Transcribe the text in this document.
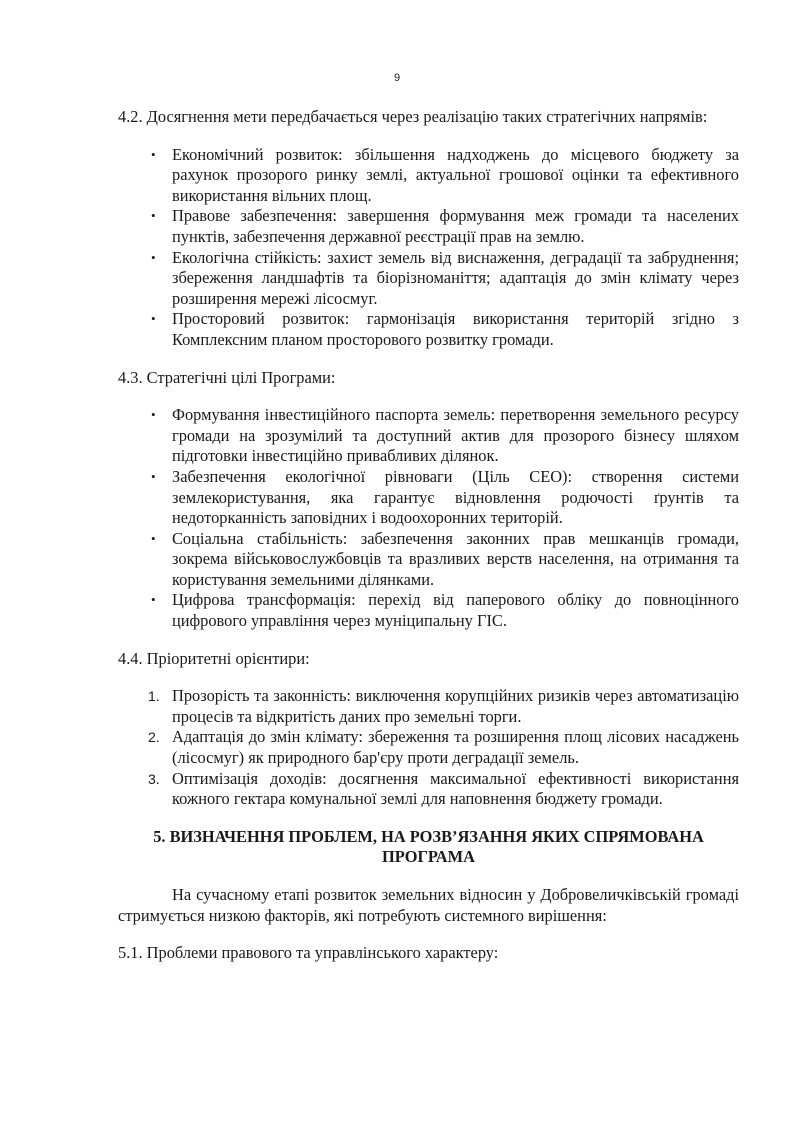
9

4.2. Досягнення мети передбачається через реалізацію таких стратегічних напрямів:

• Економічний розвиток: збільшення надходжень до місцевого бюджету за рахунок прозорого ринку землі, актуальної грошової оцінки та ефективного використання вільних площ.
• Правове забезпечення: завершення формування меж громади та населених пунктів, забезпечення державної реєстрації прав на землю.
• Екологічна стійкість: захист земель від виснаження, деградації та забруднення; збереження ландшафтів та біорізноманіття; адаптація до змін клімату через розширення мережі лісосмуг.
• Просторовий розвиток: гармонізація використання територій згідно з Комплексним планом просторового розвитку громади.

4.3. Стратегічні цілі Програми:

• Формування інвестиційного паспорта земель: перетворення земельного ресурсу громади на зрозумілий та доступний актив для прозорого бізнесу шляхом підготовки інвестиційно привабливих ділянок.
• Забезпечення екологічної рівноваги (Ціль СЕО): створення системи землекористування, яка гарантує відновлення родючості ґрунтів та недоторканність заповідних і водоохоронних територій.
• Соціальна стабільність: забезпечення законних прав мешканців громади, зокрема військовослужбовців та вразливих верств населення, на отримання та користування земельними ділянками.
• Цифрова трансформація: перехід від паперового обліку до повноцінного цифрового управління через муніципальну ГІС.

4.4. Пріоритетні орієнтири:

1. Прозорість та законність: виключення корупційних ризиків через автоматизацію процесів та відкритість даних про земельні торги.
2. Адаптація до змін клімату: збереження та розширення площ лісових насаджень (лісосмуг) як природного бар'єру проти деградації земель.
3. Оптимізація доходів: досягнення максимальної ефективності використання кожного гектара комунальної землі для наповнення бюджету громади.
5. ВИЗНАЧЕННЯ ПРОБЛЕМ, НА РОЗВ’ЯЗАННЯ ЯКИХ СПРЯМОВАНА ПРОГРАМА

На сучасному етапі розвиток земельних відносин у Добровеличківській громаді стримується низкою факторів, які потребують системного вирішення:

5.1. Проблеми правового та управлінського характеру:
